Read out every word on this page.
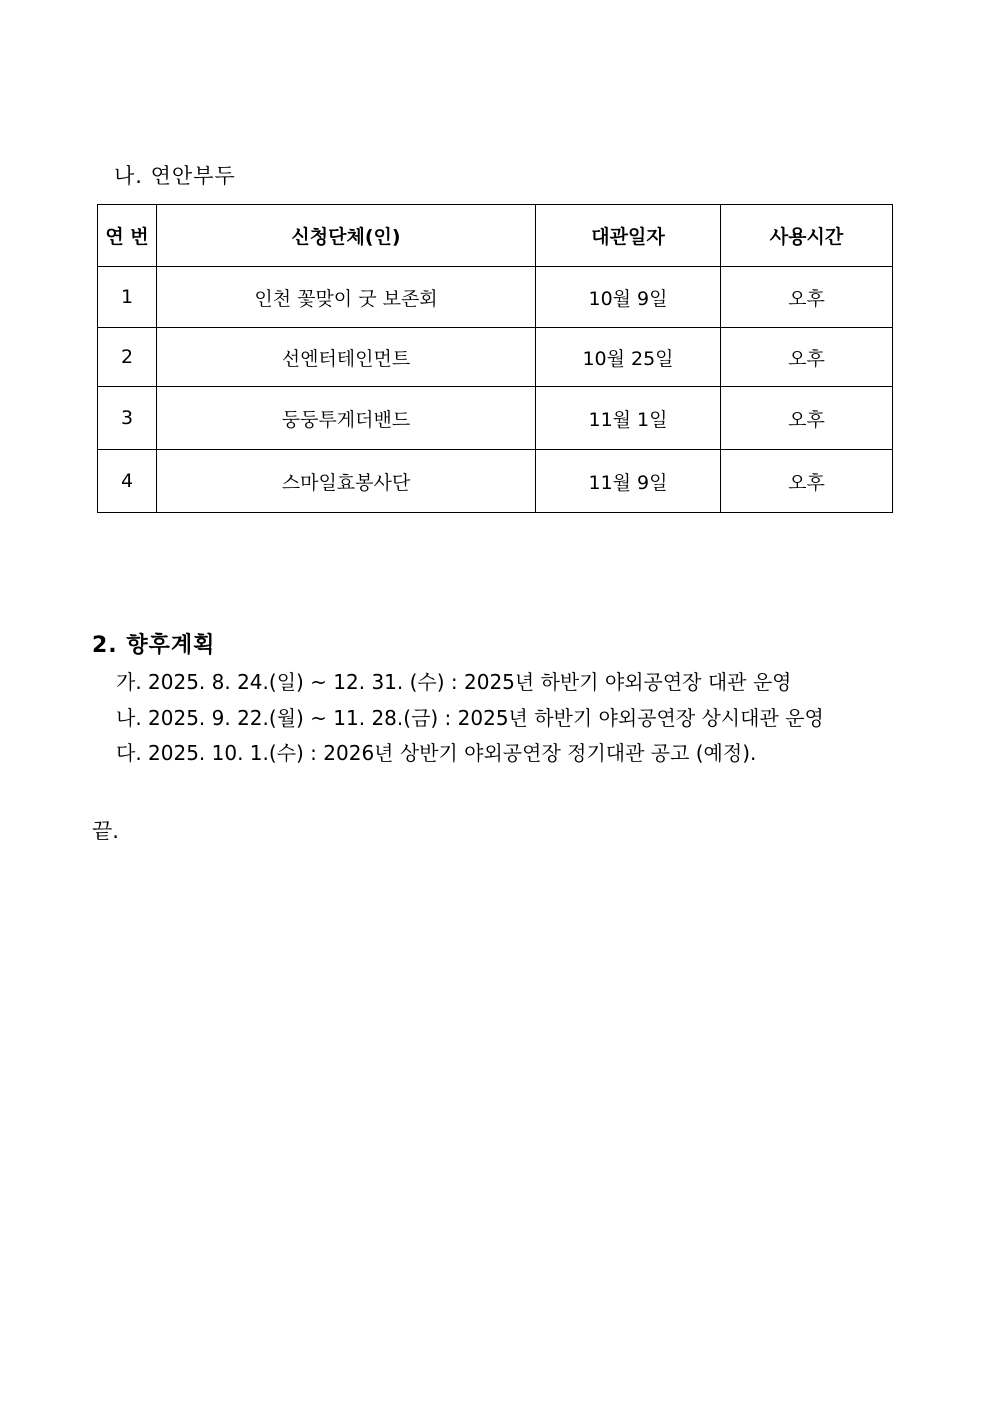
나. 연안부두
연 번	신청단체(인)	대관일자	사용시간
1	인천 꽃맞이 굿 보존회	10월 9일	오후
2	선엔터테인먼트	10월 25일	오후
3	둥둥투게더밴드	11월 1일	오후
4	스마일효봉사단	11월 9일	오후
2. 향후계획
가. 2025. 8. 24.(일) ~ 12. 31. (수) : 2025년 하반기 야외공연장 대관 운영
나. 2025. 9. 22.(월) ~ 11. 28.(금) : 2025년 하반기 야외공연장 상시대관 운영
다. 2025. 10. 1.(수) : 2026년 상반기 야외공연장 정기대관 공고 (예정).
끝.
